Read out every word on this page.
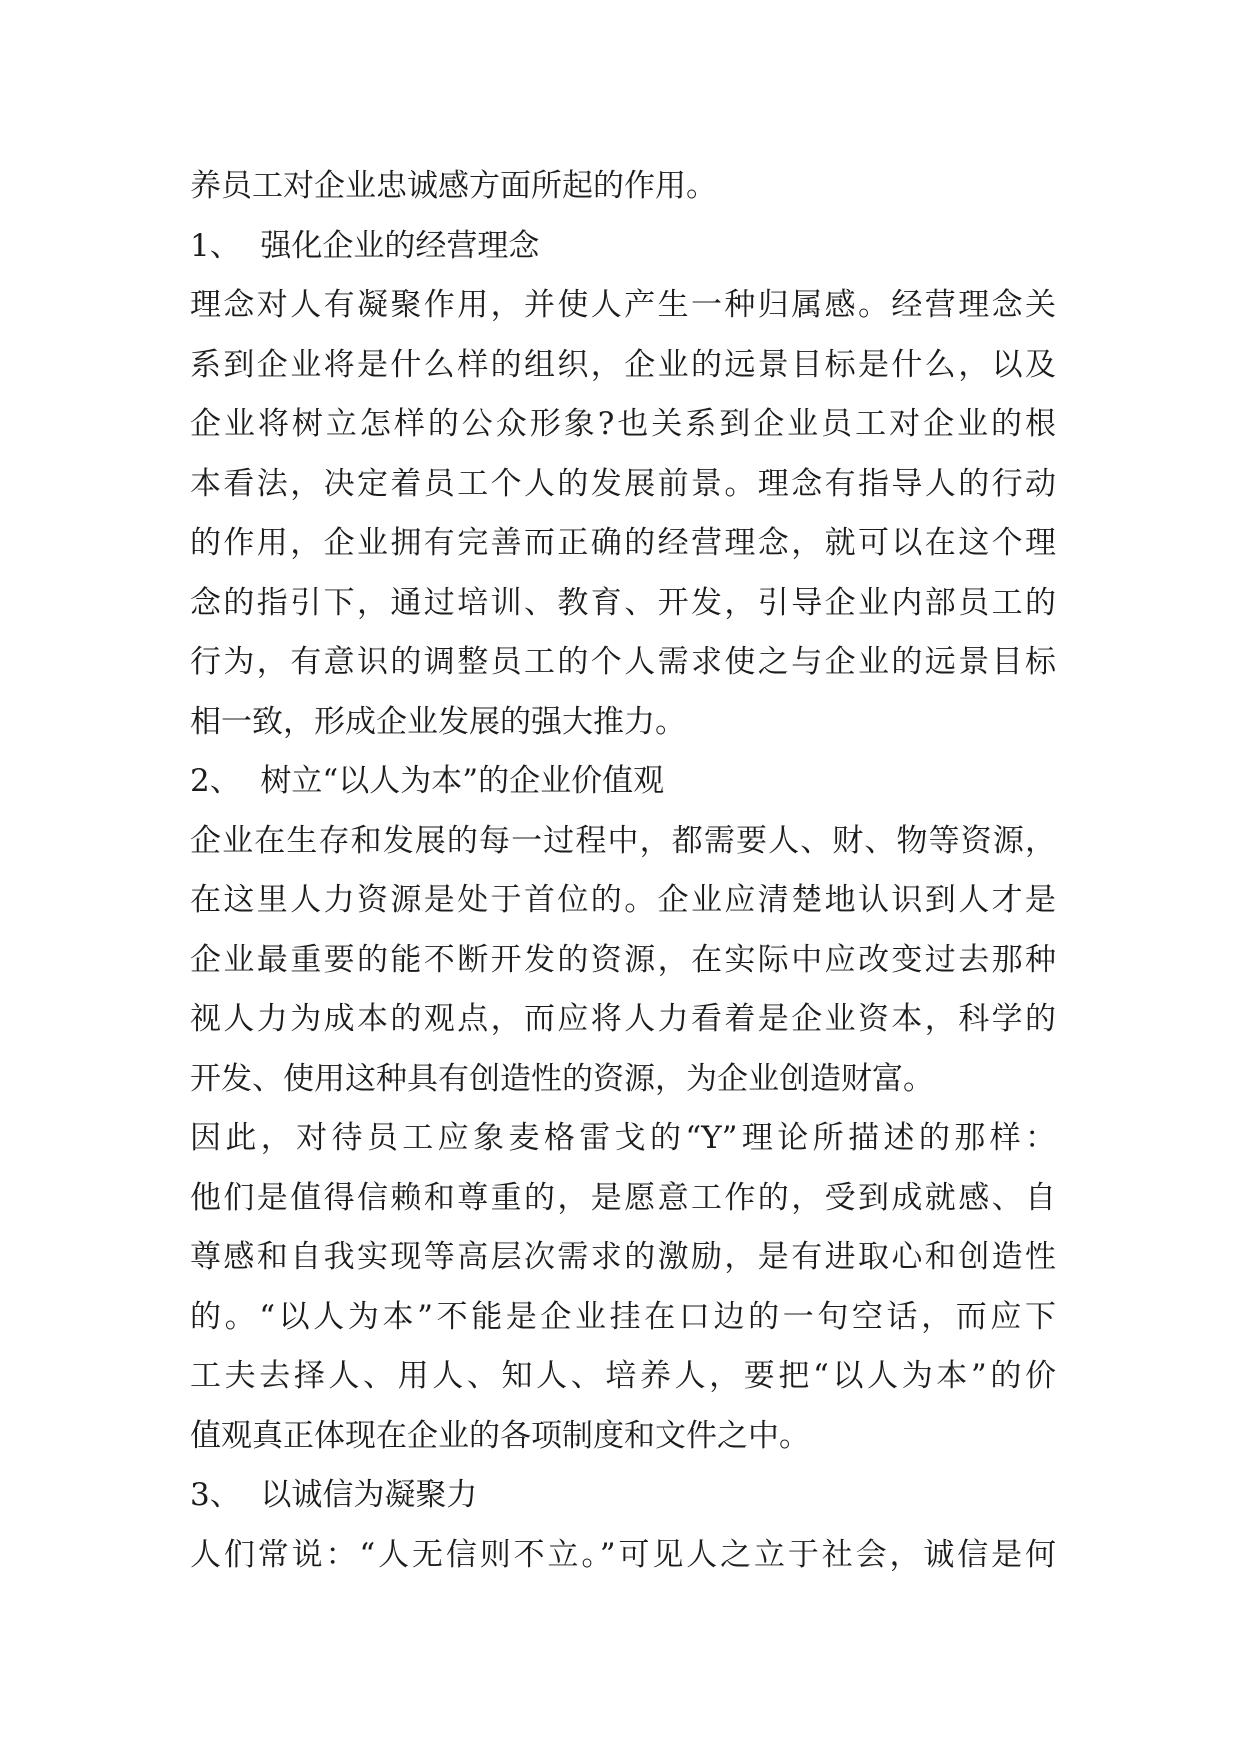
养员工对企业忠诚感方面所起的作用。
1、  强化企业的经营理念
理念对人有凝聚作用，并使人产生一种归属感。经营理念关
系到企业将是什么样的组织，企业的远景目标是什么，以及
企业将树立怎样的公众形象?也关系到企业员工对企业的根
本看法，决定着员工个人的发展前景。理念有指导人的行动
的作用，企业拥有完善而正确的经营理念，就可以在这个理
念的指引下，通过培训、教育、开发，引导企业内部员工的
行为，有意识的调整员工的个人需求使之与企业的远景目标
相一致，形成企业发展的强大推力。
2、  树立“以人为本”的企业价值观
企业在生存和发展的每一过程中，都需要人、财、物等资源，
在这里人力资源是处于首位的。企业应清楚地认识到人才是
企业最重要的能不断开发的资源，在实际中应改变过去那种
视人力为成本的观点，而应将人力看着是企业资本，科学的
开发、使用这种具有创造性的资源，为企业创造财富。
因此，对待员工应象麦格雷戈的“Y”理论所描述的那样：
他们是值得信赖和尊重的，是愿意工作的，受到成就感、自
尊感和自我实现等高层次需求的激励，是有进取心和创造性
的。“以人为本”不能是企业挂在口边的一句空话，而应下
工夫去择人、用人、知人、培养人，要把“以人为本”的价
值观真正体现在企业的各项制度和文件之中。
3、  以诚信为凝聚力
人们常说：“人无信则不立。”可见人之立于社会，诚信是何
